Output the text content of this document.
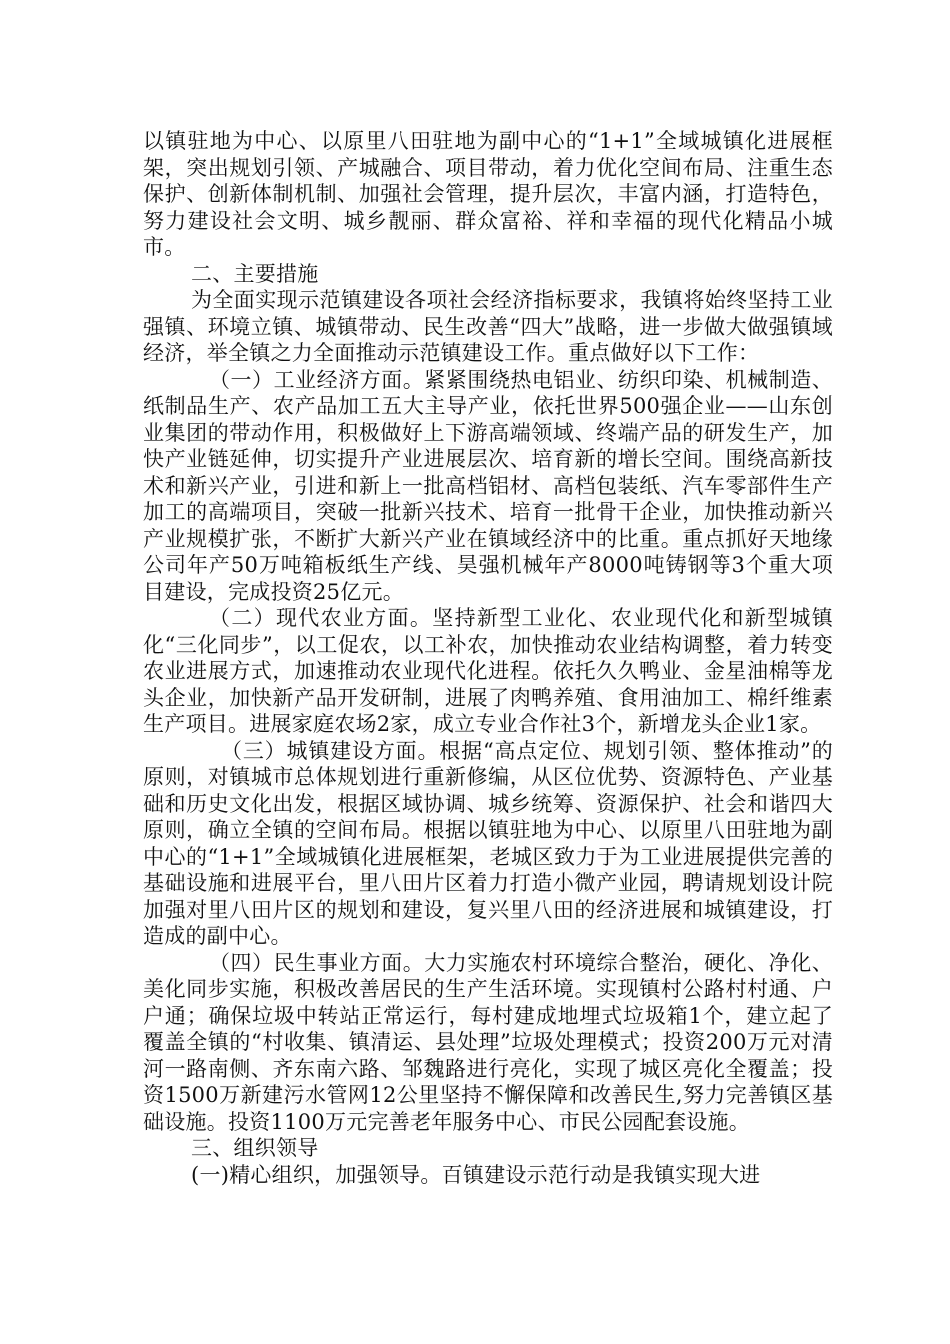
以镇驻地为中心、以原里八田驻地为副中心的“1+1”全域城镇化进展框架，突出规划引领、产城融合、项目带动，着力优化空间布局、注重生态保护、创新体制机制、加强社会管理，提升层次，丰富内涵，打造特色，努力建设社会文明、城乡靓丽、群众富裕、祥和幸福的现代化精品小城市。

二、主要措施

为全面实现示范镇建设各项社会经济指标要求，我镇将始终坚持工业强镇、环境立镇、城镇带动、民生改善“四大”战略，进一步做大做强镇域经济，举全镇之力全面推动示范镇建设工作。重点做好以下工作：

（一）工业经济方面。紧紧围绕热电铝业、纺织印染、机械制造、纸制品生产、农产品加工五大主导产业，依托世界500强企业——山东创业集团的带动作用，积极做好上下游高端领域、终端产品的研发生产，加快产业链延伸，切实提升产业进展层次、培育新的增长空间。围绕高新技术和新兴产业，引进和新上一批高档铝材、高档包装纸、汽车零部件生产加工的高端项目，突破一批新兴技术、培育一批骨干企业，加快推动新兴产业规模扩张，不断扩大新兴产业在镇域经济中的比重。重点抓好天地缘公司年产50万吨箱板纸生产线、昊强机械年产8000吨铸钢等3个重大项目建设，完成投资25亿元。

（二）现代农业方面。坚持新型工业化、农业现代化和新型城镇化“三化同步”，以工促农，以工补农，加快推动农业结构调整，着力转变农业进展方式，加速推动农业现代化进程。依托久久鸭业、金星油棉等龙头企业，加快新产品开发研制，进展了肉鸭养殖、食用油加工、棉纤维素生产项目。进展家庭农场2家，成立专业合作社3个，新增龙头企业1家。

（三）城镇建设方面。根据“高点定位、规划引领、整体推动”的原则，对镇城市总体规划进行重新修编，从区位优势、资源特色、产业基础和历史文化出发，根据区域协调、城乡统筹、资源保护、社会和谐四大原则，确立全镇的空间布局。根据以镇驻地为中心、以原里八田驻地为副中心的“1+1”全域城镇化进展框架，老城区致力于为工业进展提供完善的基础设施和进展平台，里八田片区着力打造小微产业园，聘请规划设计院加强对里八田片区的规划和建设，复兴里八田的经济进展和城镇建设，打造成的副中心。

（四）民生事业方面。大力实施农村环境综合整治，硬化、净化、美化同步实施，积极改善居民的生产生活环境。实现镇村公路村村通、户户通；确保垃圾中转站正常运行，每村建成地埋式垃圾箱1个，建立起了覆盖全镇的“村收集、镇清运、县处理”垃圾处理模式；投资200万元对清河一路南侧、齐东南六路、邹魏路进行亮化，实现了城区亮化全覆盖；投资1500万新建污水管网12公里坚持不懈保障和改善民生,努力完善镇区基础设施。投资1100万元完善老年服务中心、市民公园配套设施。

三、组织领导

(一)精心组织，加强领导。百镇建设示范行动是我镇实现大进
